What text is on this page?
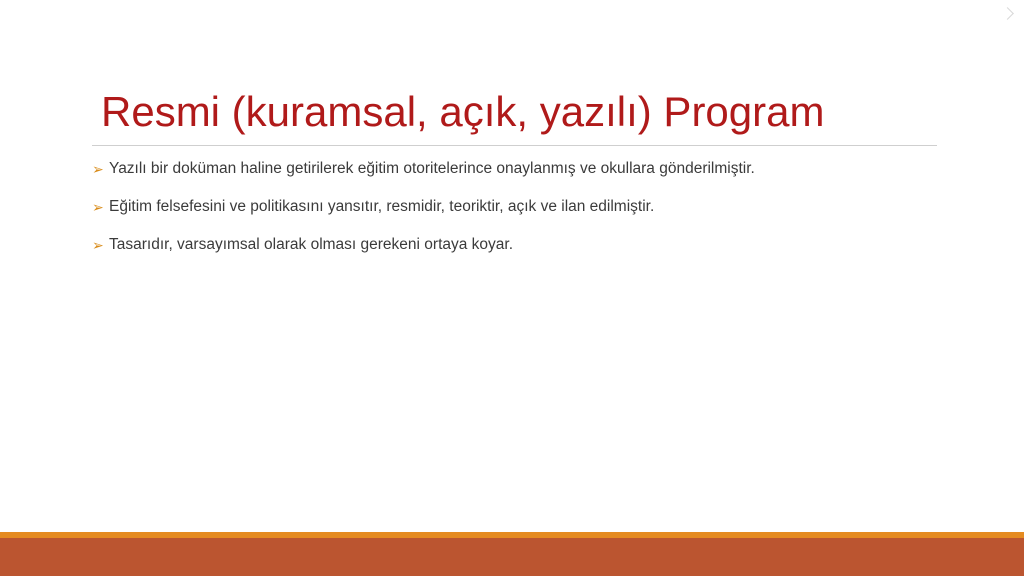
Resmi (kuramsal, açık, yazılı) Program
➢ Yazılı bir doküman haline getirilerek eğitim otoritelerince onaylanmış ve okullara gönderilmiştir.
➢ Eğitim felsefesini ve politikasını yansıtır, resmidir, teoriktir, açık ve ilan edilmiştir.
➢ Tasarıdır, varsayımsal olarak olması gerekeni ortaya koyar.
